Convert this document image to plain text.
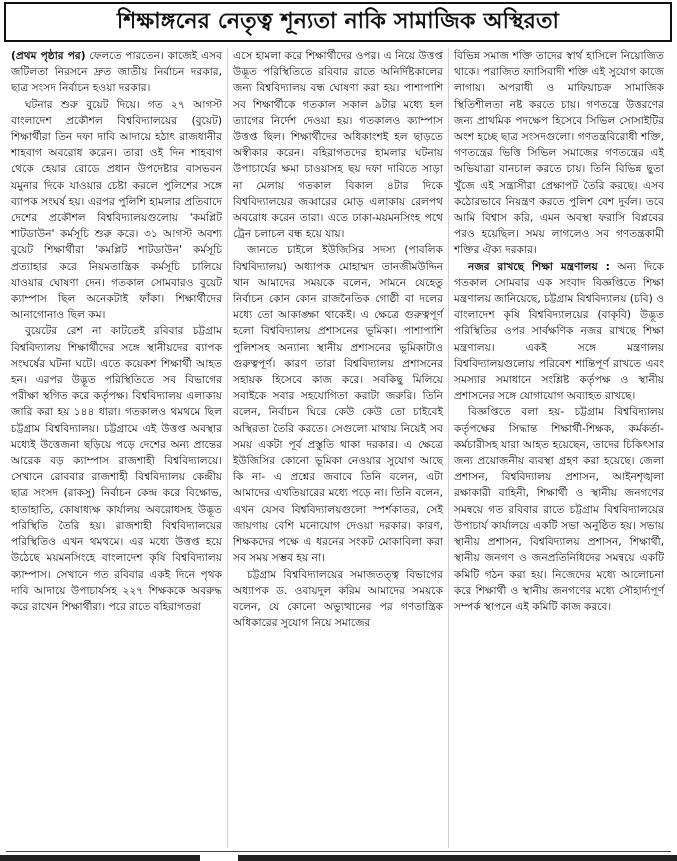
শিক্ষাঙ্গনের নেতৃত্ব শূন্যতা নাকি সামাজিক অস্থিরতা

(প্রথম পৃষ্ঠার পর) ফেলতে পারতেন। কাজেই এসব জটিলতা নিরসনে দ্রুত জাতীয় নির্বাচন দরকার, ছাত্র সংসদ নির্বাচন হওয়া দরকার।

ঘটনার শুরু বুয়েট দিয়ে। গত ২৭ আগস্ট বাংলাদেশ প্রকৌশল বিশ্ববিদ্যালয়ের (বুয়েট) শিক্ষার্থীরা তিন দফা দাবি আদায়ে হঠাৎ রাজধানীর শাহবাগ অবরোধ করেন। তারা ওই দিন শাহবাগ থেকে হেয়ার রোডে প্রধান উপদেষ্টার বাসভবন যমুনার দিকে যাওয়ার চেষ্টা করলে পুলিশের সঙ্গে ব্যাপক সংঘর্ষ হয়। এরপর পুলিশি হামলার প্রতিবাদে দেশের প্রকৌশল বিশ্ববিদ্যালয়গুলোয় 'কমপ্লিট শাটডাউন' কর্মসূচি শুরু করে। ৩১ আগস্ট অবশ্য বুয়েট শিক্ষার্থীরা 'কমপ্লিট শাটডাউন' কর্মসূচি প্রত্যাহার করে নিয়মতান্ত্রিক কর্মসূচি চালিয়ে যাওয়ার ঘোষণা দেন। গতকাল সোমবারও বুয়েট ক্যাম্পাস ছিল অনেকটাই ফাঁকা। শিক্ষার্থীদের আনাগোনাও ছিল কম।

বুয়েটের রেশ না কাটতেই রবিবার চট্টগ্রাম বিশ্ববিদ্যালয় শিক্ষার্থীদের সঙ্গে স্থানীয়দের ব্যাপক সংঘর্ষের ঘটনা ঘটে। এতে কয়েকশ শিক্ষার্থী আহত হন। এরপর উদ্ভূত পরিস্থিতিতে সব বিভাগের পরীক্ষা স্থগিত করে কর্তৃপক্ষ। বিশ্ববিদ্যালয় এলাকায় জারি করা হয় ১৪৪ ধারা। গতকালও থমথমে ছিল চট্টগ্রাম বিশ্ববিদ্যালয়। চট্টগ্রামে এই উত্তপ্ত অবস্থার মধ্যেই উত্তেজনা ছড়িয়ে পড়ে দেশের অন্য প্রান্তের আরেক বড় ক্যাম্পাস রাজশাহী বিশ্ববিদ্যালয়ে। সেখানে রোববার রাজশাহী বিশ্ববিদ্যালয় কেন্দ্রীয় ছাত্র সংসদ (রাকসু) নির্বাচন কেন্দ্র করে বিক্ষোভ, হাতাহাতি, কোষাধ্যক্ষ কার্যালয় অবরোধসহ উদ্ভূত পরিস্থিতি তৈরি হয়। রাজশাহী বিশ্ববিদ্যালয়ের পরিস্থিতিও এখন থমথমে। এর মধ্যে উত্তপ্ত হয়ে উঠেছে ময়মনসিংহে বাংলাদেশ কৃষি বিশ্ববিদ্যালয় ক্যাম্পাস। সেখানে গত রবিবার একই দিনে পৃথক দাবি আদায়ে উপাচার্যসহ ২২৭ শিক্ষককে অবরুদ্ধ করে রাখেন শিক্ষার্থীরা। পরে রাতে বহিরাগতরা

এসে হামলা করে শিক্ষার্থীদের ওপর। এ নিয়ে উত্তপ্ত উদ্ভূত পরিস্থিতিতে রবিবার রাতে অনির্দিষ্টকালের জন্য বিশ্ববিদ্যালয় বন্ধ ঘোষণা করা হয়। পাশাপাশি সব শিক্ষার্থীকে গতকাল সকাল ৯টার মধ্যে হল ত্যাগের নির্দেশ দেওয়া হয়। গতকালও ক্যাম্পাস উত্তপ্ত ছিল। শিক্ষার্থীদের অধিকাংশই হল ছাড়তে অস্বীকার করেন। বহিরাগতদের হামলার ঘটনায় উপাচার্যের ক্ষমা চাওয়াসহ ছয় দফা দাবিতে সাড়া না মেলায় গতকাল বিকাল ৪টার দিকে বিশ্ববিদ্যালয়ের জব্বারের মোড় এলাকায় রেলপথ অবরোধ করেন তারা। এতে ঢাকা-ময়মনসিংহ পথে ট্রেন চলাচল বন্ধ হয়ে যায়।

জানতে চাইলে ইউজিসির সদস্য (পাবলিক বিশ্ববিদ্যালয়) অধ্যাপক মোহাম্মদ তানজীমউদ্দিন খান আমাদের সময়কে বলেন, সামনে যেহেতু নির্বাচন কোন কোন রাজনৈতিক গোষ্ঠী বা দলের মধ্যে তো আকাঙ্ক্ষা থাকেই। এ ক্ষেত্রে গুরুত্বপূর্ণ হলো বিশ্ববিদ্যালয় প্রশাসনের ভূমিকা। পাশাপাশি পুলিশসহ অন্যান্য স্থানীয় প্রশাসনের ভূমিকাটাও গুরুত্বপূর্ণ। কারণ তারা বিশ্ববিদ্যালয় প্রশাসনের সহায়ক হিসেবে কাজ করে। সবকিছু মিলিয়ে সবাইকে সবার সহযোগিতা করাটা জরুরি। তিনি বলেন, নির্বাচন ঘিরে কেউ কেউ তো চাইবেই অস্থিরতা তৈরি করতে। সেগুলো মাথায় নিয়েই সব সময় একটা পূর্ব প্রস্তুতি থাকা দরকার। এ ক্ষেত্রে ইউজিসির কোনো ভূমিকা নেওয়ার সুযোগ আছে কি না- এ প্রশ্নের জবাবে তিনি বলেন, এটা আমাদের এখতিয়ারের মধ্যে পড়ে না। তিনি বলেন, এখন যেসব বিশ্ববিদ্যালয়গুলো স্পর্শকাতর, সেই জায়গায় বেশি মনোযোগ দেওয়া দরকার। কারণ, শিক্ষকদের পক্ষে এ ধরনের সংকট মোকাবিলা করা সব সময় সম্ভব হয় না।

চট্টগ্রাম বিশ্ববিদ্যালয়ের সমাজতত্ত্ব বিভাগের অধ্যাপক ড. ওবায়দুল করিম আমাদের সময়কে বলেন, যে কোনো অভ্যুত্থানের পর গণতান্ত্রিক অধিকারের সুযোগ নিয়ে সমাজের

বিভিন্ন সমাজ শক্তি তাদের স্বার্থ হাসিলে নিয়োজিত থাকে। পরাজিত ফ্যাসিবাদী শক্তি এই সুযোগ কাজে লাগায়। অপরাধী ও মাফিয়াচক্র সামাজিক স্থিতিশীলতা নষ্ট করতে চায়। গণতন্ত্রে উত্তরণের জন্য প্রাথমিক পদক্ষেপ হিসেবে সিভিল সোসাইটির অংশ হচ্ছে ছাত্র সংসদগুলো। গণতন্ত্রবিরোধী শক্তি, গণতন্ত্রের ভিত্তি সিভিল সমাজের গণতন্ত্রের এই অভিযাত্রা বানচাল করতে চায়। তিনি বিভিন্ন ছুতা খুঁজে এই সন্ত্রাসীরা প্রেক্ষাপট তৈরি করছে। এসব কঠোরভাবে নিয়ন্ত্রণ করতে পুলিশ বেশ দুর্বল। তবে আমি বিশ্বাস করি, এমন অবস্থা ফরাসি বিপ্লবের পরও হয়েছিল। সময় লাগলেও সব গণতন্ত্রকামী শক্তির ঐক্য দরকার।

নজর রাখছে শিক্ষা মন্ত্রণালয় : অন্য দিকে গতকাল সোমবার এক সংবাদ বিজ্ঞপ্তিতে শিক্ষা মন্ত্রণালয় জানিয়েছে, চট্টগ্রাম বিশ্ববিদ্যালয় (চবি) ও বাংলাদেশ কৃষি বিশ্ববিদ্যালয়ের (বাকৃবি) উদ্ভূত পরিস্থিতির ওপর সার্বক্ষণিক নজর রাখছে শিক্ষা মন্ত্রণালয়। একই সঙ্গে মন্ত্রণালয় বিশ্ববিদ্যালয়গুলোয় পরিবেশ শান্তিপূর্ণ রাখতে এবং সমস্যার সমাধানে সংশ্লিষ্ট কর্তৃপক্ষ ও স্থানীয় প্রশাসনের সঙ্গে যোগাযোগ অব্যাহত রাখছে।

বিজ্ঞপ্তিতে বলা হয়- চট্টগ্রাম বিশ্ববিদ্যালয় কর্তৃপক্ষের সিদ্ধান্ত শিক্ষার্থী-শিক্ষক, কর্মকর্তা-কর্মচারীসহ যারা আহত হয়েছেন, তাদের চিকিৎসার জন্য প্রয়োজনীয় ব্যবস্থা গ্রহণ করা হয়েছে। জেলা প্রশাসন, বিশ্ববিদ্যালয় প্রশাসন, আইনশৃঙ্খলা রক্ষাকারী বাহিনী, শিক্ষার্থী ও স্থানীয় জনগণের সমন্বয়ে গত রবিবার রাতে চট্টগ্রাম বিশ্ববিদ্যালয়ের উপাচার্য কার্যালয়ে একটি সভা অনুষ্ঠিত হয়। সভায় স্থানীয় প্রশাসন, বিশ্ববিদ্যালয় প্রশাসন, শিক্ষার্থী, স্থানীয় জনগণ ও জনপ্রতিনিধিদের সমন্বয়ে একটি কমিটি গঠন করা হয়। নিজেদের মধ্যে আলোচনা করে শিক্ষার্থী ও স্থানীয় জনগণের মধ্যে সৌহার্দ্যপূর্ণ সম্পর্ক স্থাপনে এই কমিটি কাজ করবে।
